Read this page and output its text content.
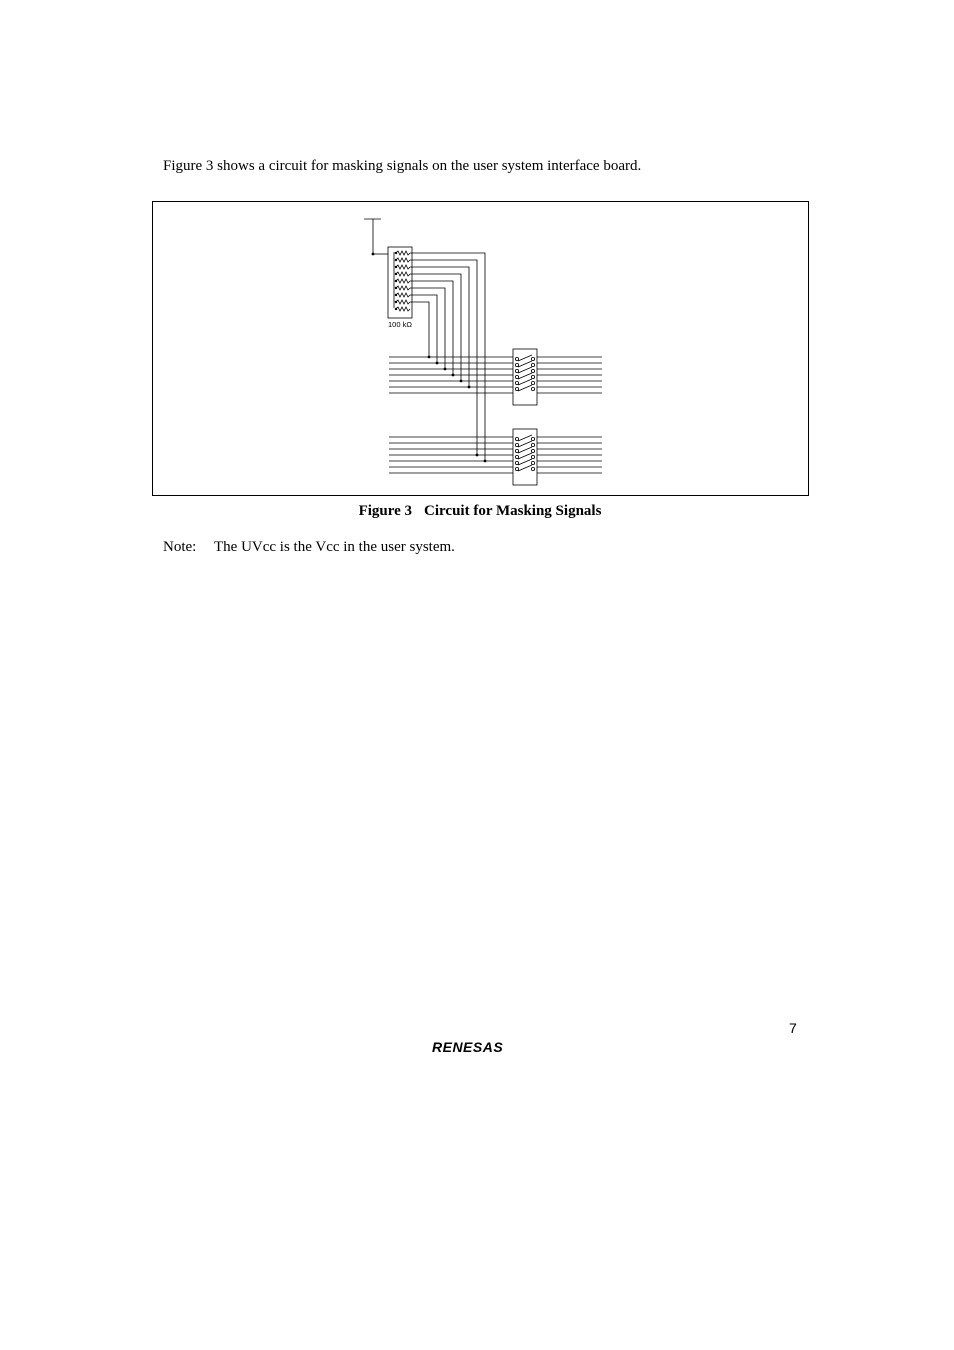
Figure 3 shows a circuit for masking signals on the user system interface board.
100 kΩ
Figure 3 Circuit for Masking Signals
Note: The UVcc is the Vcc in the user system.
7
RENESAS
